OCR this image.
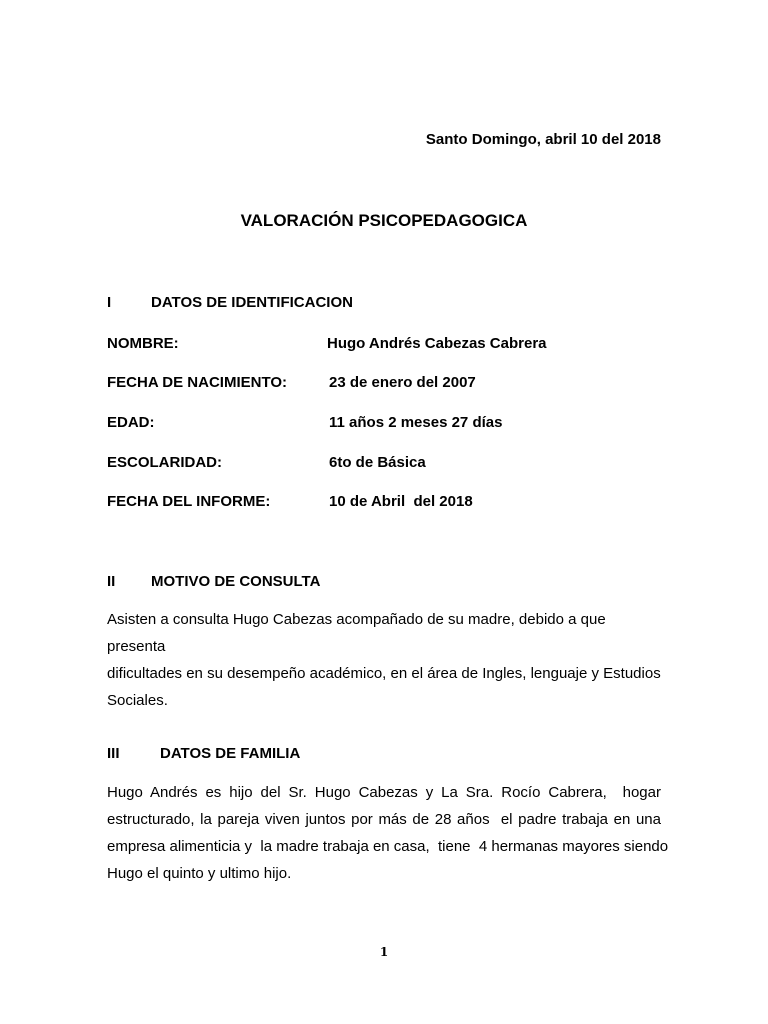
Santo Domingo, abril 10 del 2018
VALORACIÓN PSICOPEDAGOGICA
I	DATOS DE IDENTIFICACION
NOMBRE:	Hugo Andrés Cabezas Cabrera
FECHA DE NACIMIENTO:	23 de enero del 2007
EDAD:	11 años 2 meses 27 días
ESCOLARIDAD:	6to de Básica
FECHA DEL INFORME:	10 de Abril  del 2018
II MOTIVO DE CONSULTA
Asisten a consulta Hugo Cabezas acompañado de su madre, debido a que presenta
dificultades en su desempeño académico, en el área de Ingles, lenguaje y Estudios
Sociales.
III	DATOS DE FAMILIA
Hugo Andrés es hijo del Sr. Hugo Cabezas y La Sra. Rocío Cabrera,  hogar
estructurado, la pareja viven juntos por más de 28 años  el padre trabaja en una
empresa alimenticia y  la madre trabaja en casa,  tiene  4 hermanas mayores siendo
Hugo el quinto y ultimo hijo.
1
